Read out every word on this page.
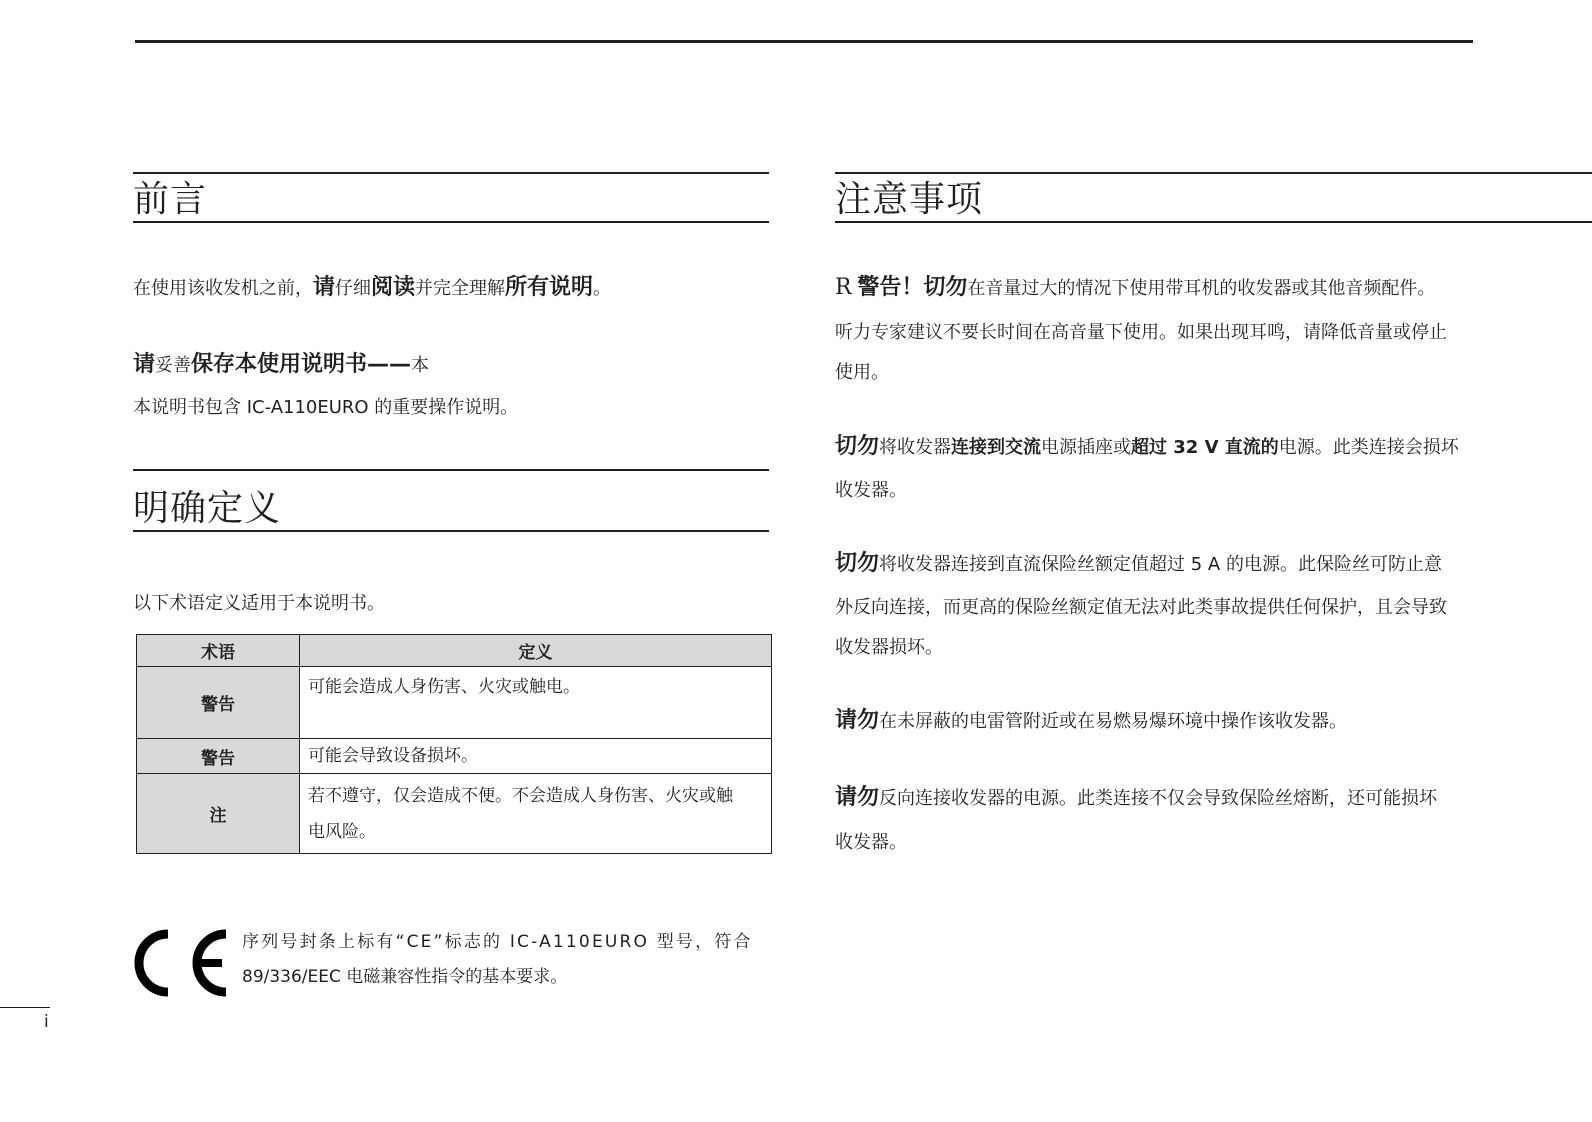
前言
在使用该收发机之前，请仔细阅读并完全理解所有说明。
请妥善保存本使用说明书——本
本说明书包含 IC-A110EURO 的重要操作说明。
明确定义
以下术语定义适用于本说明书。
术语	定义
警告	可能会造成人身伤害、火灾或触电。
警告	可能会导致设备损坏。
注	若不遵守，仅会造成不便。不会造成人身伤害、火灾或触
电风险。
序列号封条上标有“CE”标志的 IC-A110EURO 型号，符合
89/336/EEC 电磁兼容性指令的基本要求。
i
注意事项
R 警告！切勿在音量过大的情况下使用带耳机的收发器或其他音频配件。
听力专家建议不要长时间在高音量下使用。如果出现耳鸣，请降低音量或停止
使用。
切勿将收发器连接到交流电源插座或超过 32 V 直流的电源。此类连接会损坏
收发器。
切勿将收发器连接到直流保险丝额定值超过 5 A 的电源。此保险丝可防止意
外反向连接，而更高的保险丝额定值无法对此类事故提供任何保护，且会导致
收发器损坏。
请勿在未屏蔽的电雷管附近或在易燃易爆环境中操作该收发器。
请勿反向连接收发器的电源。此类连接不仅会导致保险丝熔断，还可能损坏
收发器。
